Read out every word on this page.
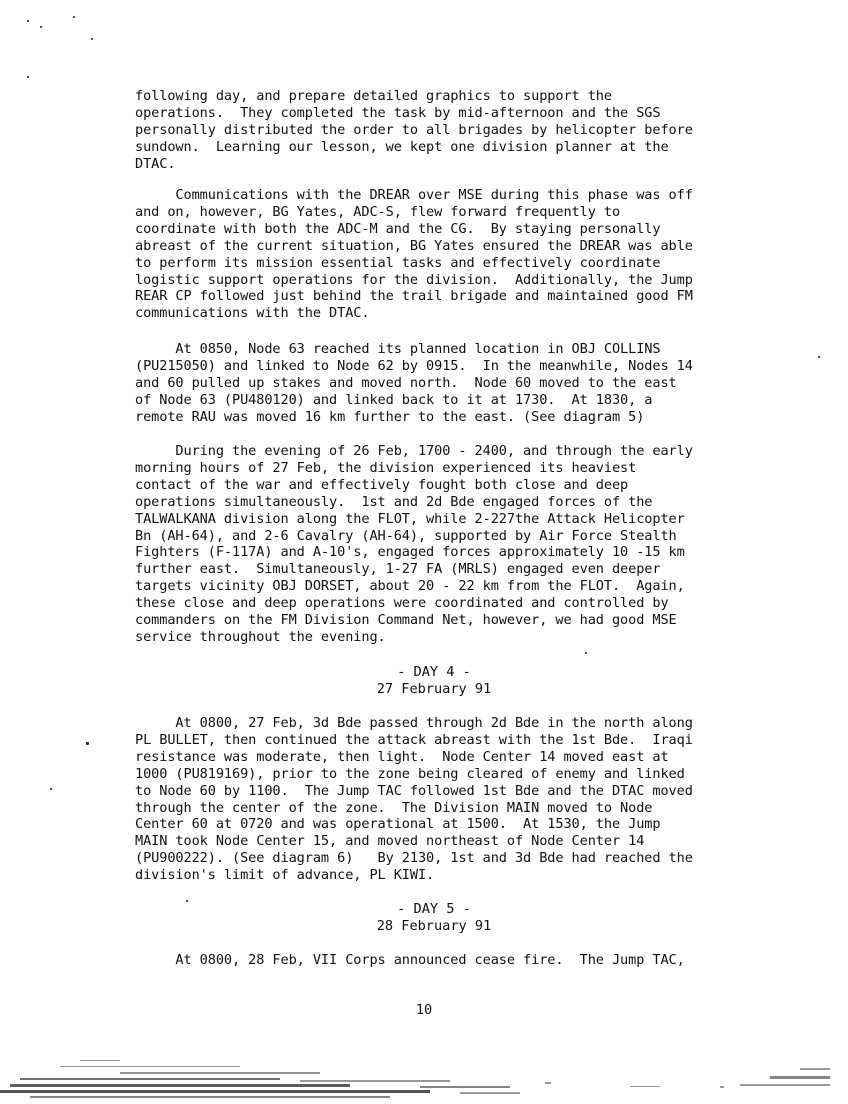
following day, and prepare detailed graphics to support the
operations.  They completed the task by mid-afternoon and the SGS
personally distributed the order to all brigades by helicopter before
sundown.  Learning our lesson, we kept one division planner at the
DTAC.
Communications with the DREAR over MSE during this phase was off
and on, however, BG Yates, ADC-S, flew forward frequently to
coordinate with both the ADC-M and the CG.  By staying personally
abreast of the current situation, BG Yates ensured the DREAR was able
to perform its mission essential tasks and effectively coordinate
logistic support operations for the division.  Additionally, the Jump
REAR CP followed just behind the trail brigade and maintained good FM
communications with the DTAC.
At 0850, Node 63 reached its planned location in OBJ COLLINS
(PU215050) and linked to Node 62 by 0915.  In the meanwhile, Nodes 14
and 60 pulled up stakes and moved north.  Node 60 moved to the east
of Node 63 (PU480120) and linked back to it at 1730.  At 1830, a
remote RAU was moved 16 km further to the east. (See diagram 5)
During the evening of 26 Feb, 1700 - 2400, and through the early
morning hours of 27 Feb, the division experienced its heaviest
contact of the war and effectively fought both close and deep
operations simultaneously.  1st and 2d Bde engaged forces of the
TALWALKANA division along the FLOT, while 2-227the Attack Helicopter
Bn (AH-64), and 2-6 Cavalry (AH-64), supported by Air Force Stealth
Fighters (F-117A) and A-10's, engaged forces approximately 10 -15 km
further east.  Simultaneously, 1-27 FA (MRLS) engaged even deeper
targets vicinity OBJ DORSET, about 20 - 22 km from the FLOT.  Again,
these close and deep operations were coordinated and controlled by
commanders on the FM Division Command Net, however, we had good MSE
service throughout the evening.
- DAY 4 -
27 February 91
At 0800, 27 Feb, 3d Bde passed through 2d Bde in the north along
PL BULLET, then continued the attack abreast with the 1st Bde.  Iraqi
resistance was moderate, then light.  Node Center 14 moved east at
1000 (PU819169), prior to the zone being cleared of enemy and linked
to Node 60 by 1100.  The Jump TAC followed 1st Bde and the DTAC moved
through the center of the zone.  The Division MAIN moved to Node
Center 60 at 0720 and was operational at 1500.  At 1530, the Jump
MAIN took Node Center 15, and moved northeast of Node Center 14
(PU900222). (See diagram 6)   By 2130, 1st and 3d Bde had reached the
division's limit of advance, PL KIWI.
- DAY 5 -
28 February 91
At 0800, 28 Feb, VII Corps announced cease fire.  The Jump TAC,
10
